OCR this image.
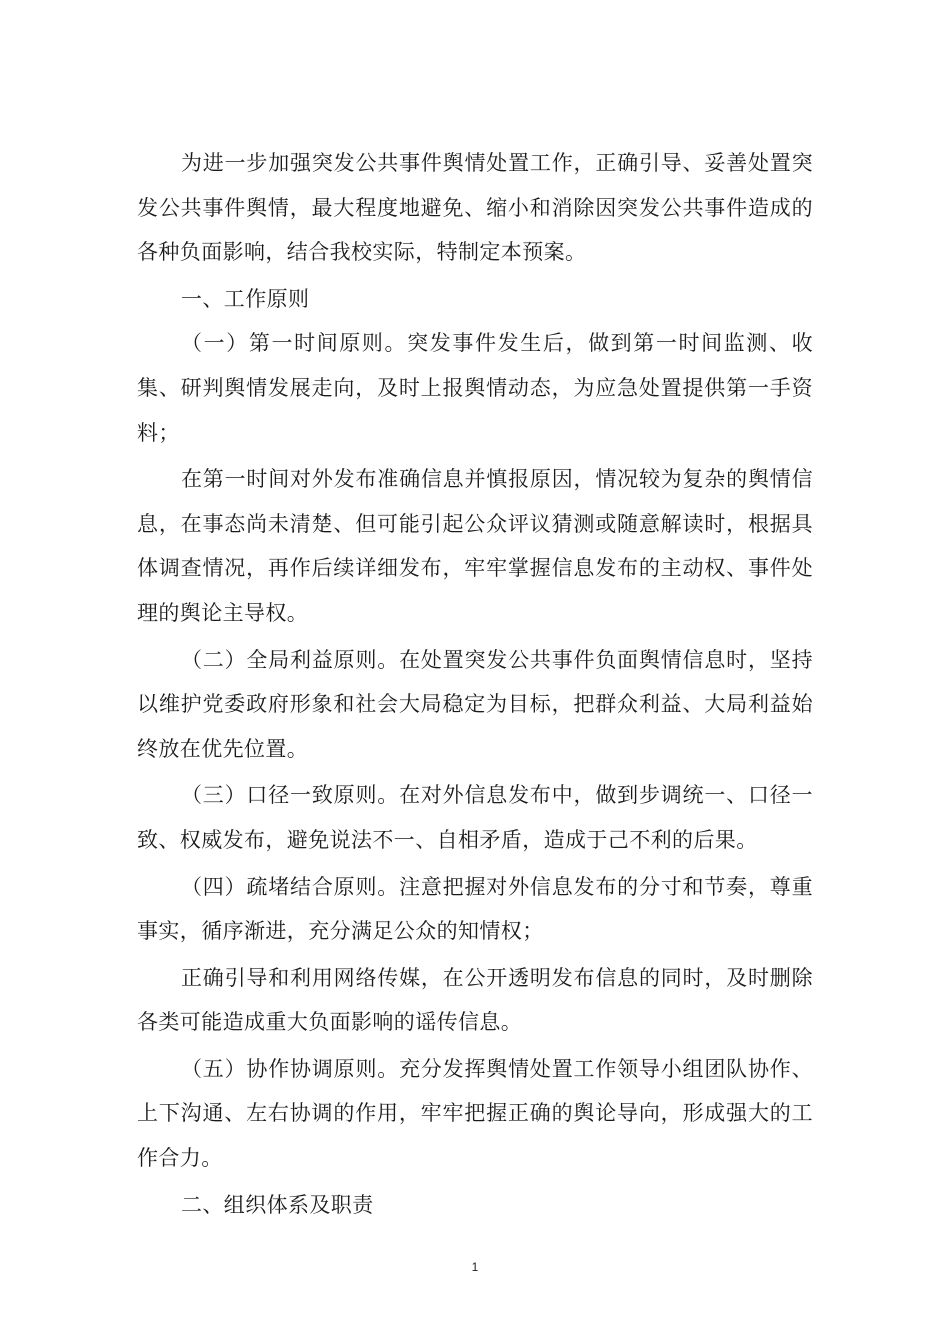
为进一步加强突发公共事件舆情处置工作，正确引导、妥善处置突发公共事件舆情，最大程度地避免、缩小和消除因突发公共事件造成的各种负面影响，结合我校实际，特制定本预案。

一、工作原则

（一）第一时间原则。突发事件发生后，做到第一时间监测、收集、研判舆情发展走向，及时上报舆情动态，为应急处置提供第一手资料；

在第一时间对外发布准确信息并慎报原因，情况较为复杂的舆情信息，在事态尚未清楚、但可能引起公众评议猜测或随意解读时，根据具体调查情况，再作后续详细发布，牢牢掌握信息发布的主动权、事件处理的舆论主导权。

（二）全局利益原则。在处置突发公共事件负面舆情信息时，坚持以维护党委政府形象和社会大局稳定为目标，把群众利益、大局利益始终放在优先位置。

（三）口径一致原则。在对外信息发布中，做到步调统一、口径一致、权威发布，避免说法不一、自相矛盾，造成于己不利的后果。

（四）疏堵结合原则。注意把握对外信息发布的分寸和节奏，尊重事实，循序渐进，充分满足公众的知情权；

正确引导和利用网络传媒，在公开透明发布信息的同时，及时删除各类可能造成重大负面影响的谣传信息。

（五）协作协调原则。充分发挥舆情处置工作领导小组团队协作、上下沟通、左右协调的作用，牢牢把握正确的舆论导向，形成强大的工作合力。

二、组织体系及职责

1
